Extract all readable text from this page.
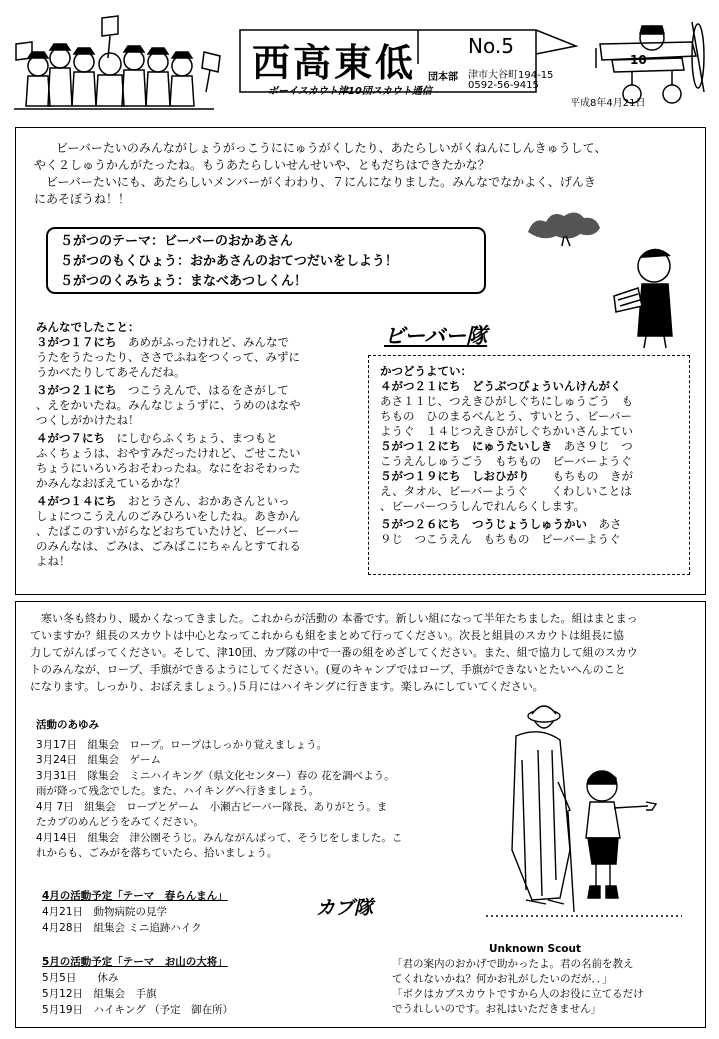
西高東低	No.5
団本部 津市大谷町194-15
0592-56-9415
ボーイスカウト津10団スカウト通信
平成8年4月21日
10
ビーバーたいのみんながしょうがっこうににゅうがくしたり、あたらしいがくねんにしんきゅうして、
やく２しゅうかんがたったね。もうあたらしいせんせいや、ともだちはできたかな？
ビーバーたいにも、あたらしいメンバーがくわわり、７にんになりました。みんなでなかよく、げんき
にあそぼうね！！
５がつのテーマ：ビーバーのおかあさん
５がつのもくひょう：おかあさんのおてつだいをしよう！
５がつのくみちょう：まなべあつしくん！
ビーバー隊
みんなでしたこと：
３がつ１７にち　あめがふったけれど、みんなで
うたをうたったり、ささでふねをつくって、みずに
うかべたりしてあそんだね。
３がつ２１にち　つこうえんで、はるをさがして
、えをかいたね。みんなじょうずに、うめのはなや
つくしがかけたね！
４がつ７にち　にしむらふくちょう、まつもと
ふくちょうは、おやすみだったけれど、ごせこたい
ちょうにいろいろおそわったね。なにをおそわった
かみんなおぼえているかな？
４がつ１４にち　おとうさん、おかあさんといっ
しょにつこうえんのごみひろいをしたね。あきかん
、たばこのすいがらなどおちていたけど、ビーバー
のみんなは、ごみは、ごみばこにちゃんとすてれる
よね！
かつどうよてい：
４がつ２１にち　どうぶつびょういんけんがく
あさ１１じ、つえきひがしぐちにしゅうごう　も
ちもの　ひのまるべんとう、すいとう、ビーバー
ようぐ　１４じつえきひがしぐちかいさんよてい
５がつ１２にち　にゅうたいしき　あさ９じ　つ
こうえんしゅうごう　もちもの　ビーバーようぐ
５がつ１９にち　しおひがり　　もちもの　きが
え、タオル、ビーバーようぐ　　くわしいことは
、ビーバーつうしんでれんらくします。
５がつ２６にち　つうじょうしゅうかい　あさ
９じ　つこうえん　もちもの　ビーバーようぐ
　寒い冬も終わり、暖かくなってきました。これからが活動の 本番です。新しい組になって半年たちました。組はまとまっ
ていますか？組長のスカウトは中心となってこれからも組をまとめて行ってください。次長と組員のスカウトは組長に協
力してがんばってください。そして、津10団、カブ隊の中で一番の組をめざしてください。また、組で協力して組のスカウ
トのみんなが、ロープ、手旗ができるようにしてください。(夏のキャンプではロープ、手旗ができないとたいへんのこと
になります。しっかり、おぼえましょう。)５月にはハイキングに行きます。楽しみにしていてください。
活動のあゆみ
3月17日　組集会　ロープ。ロープはしっかり覚えましょう。
3月24日　組集会　ゲーム
3月31日　隊集会　ミニハイキング（県文化センター）春の 花を調べよう。
雨が降って残念でした。また、ハイキングへ行きましょう。
4月 7日　組集会　ロープとゲーム　小瀬古ビーバー隊長、ありがとう。ま
たカブのめんどうをみてください。
4月14日　組集会　津公園そうじ。みんながんばって、そうじをしました。こ
れからも、ごみがを落ちていたら、拾いましょう。
4月の活動予定「テーマ　春らんまん」
4月21日　動物病院の見学
4月28日　組集会 ミニ追跡ハイク
カブ隊
5月の活動予定「テーマ　お山の大将」
5月5日　　休み
5月12日　組集会　手旗
5月19日　ハイキング （予定　御在所）
Unknown Scout
「君の案内のおかげで助かったよ。君の名前を教え
てくれないかね？何かお礼がしたいのだが．．」
「ボクはカブスカウトですから人のお役に立てるだけ
でうれしいのです。お礼はいただきません」
